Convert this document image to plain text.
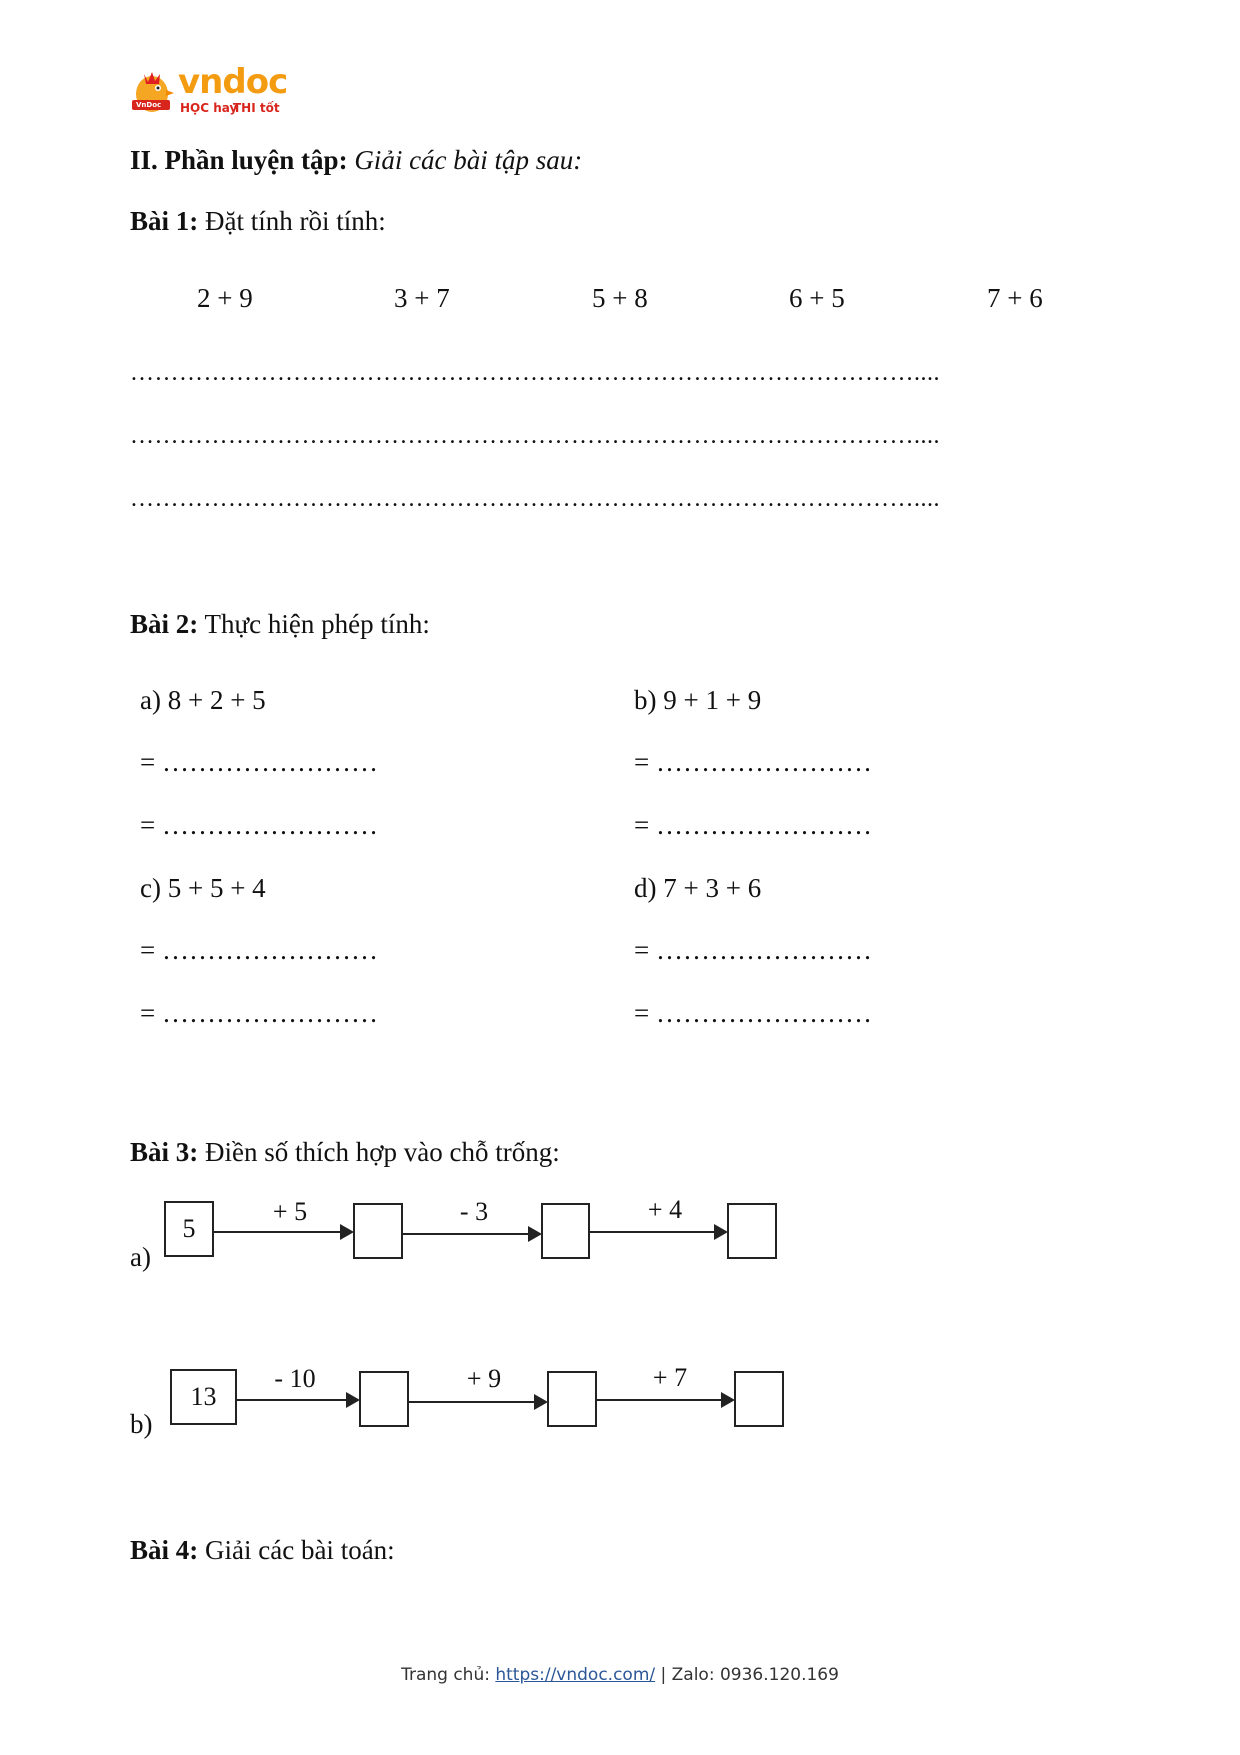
VnDoc
vndoc
HỌC hay
THI tốt
II. Phần luyện tập: Giải các bài tập sau:
Bài 1: Đặt tính rồi tính:
2 + 9	3 + 7	5 + 8	6 + 5	7 + 6
……………………………………………………………………………………....
……………………………………………………………………………………....
……………………………………………………………………………………....
Bài 2: Thực hiện phép tính:
a) 8 + 2 + 5
= ……………………
= ……………………
b) 9 + 1 + 9
= ……………………
= ……………………
c) 5 + 5 + 4
= ……………………
= ……………………
d) 7 + 3 + 6
= ……………………
= ……………………
Bài 3: Điền số thích hợp vào chỗ trống:
a)
5
+ 5	- 3	+ 4
b)
13
- 10	+ 9	+ 7
Bài 4: Giải các bài toán:
Trang chủ: https://vndoc.com/ | Zalo: 0936.120.169
